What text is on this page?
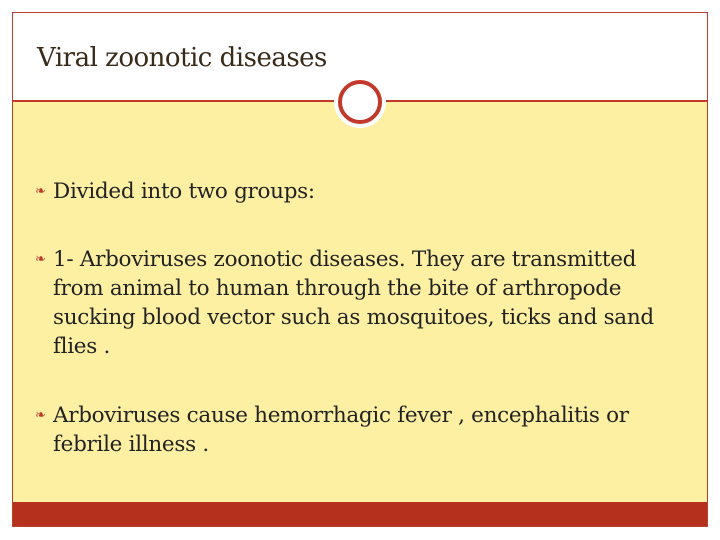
Viral zoonotic diseases
❧ Divided into two groups:
❧ 1- Arboviruses zoonotic diseases. They are transmitted from animal to human through the bite of arthropode sucking blood vector such as mosquitoes, ticks and sand flies .
❧ Arboviruses cause hemorrhagic fever , encephalitis or febrile illness .
